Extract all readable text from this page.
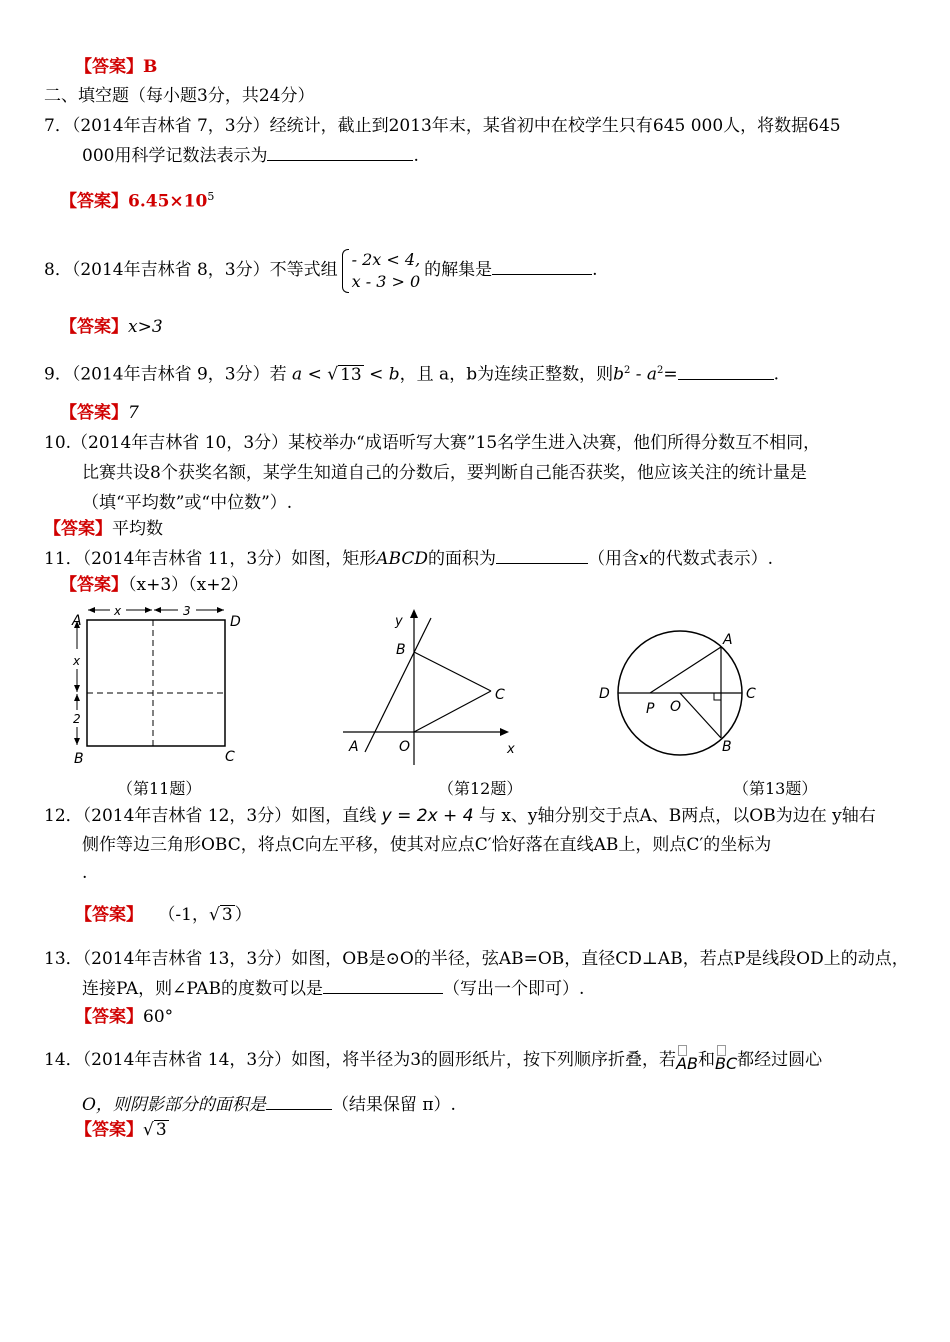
【答案】B
二、填空题（每小题3分，共24分）
7．（2014年吉林省 7，3分）经统计，截止到2013年末，某省初中在校学生只有645 000人，将数据645
000用科学记数法表示为	.
【答案】$6.45\times 10^5$
8．（2014年吉林省 8，3分）不等式组
- 2x < 4,
x - 3 > 0
的解集是	.
【答案】x>3
9．（2014年吉林省 9，3分）若 a < √ 13 < b，且 a，b为连续正整数，则$b^2 - a^2=$	.
【答案】7
10.（2014年吉林省 10，3分）某校举办“成语听写大赛”15名学生进入决赛，他们所得分数互不相同，
比赛共设8个获奖名额，某学生知道自己的分数后，要判断自己能否获奖，他应该关注的统计量是
（填“平均数”或“中位数”）.
【答案】平均数
11．（2014年吉林省 11，3分）如图，矩形ABCD的面积为	（用含x的代数式表示）.
【答案】（x+3）（x+2）
A	D
B	C
x	3
x
2
（第11题）
y
x
B
C
A	O
（第12题）
A
B
C
D
P O
（第13题）
12．（2014年吉林省 12，3分）如图，直线 y = 2x + 4 与 x、y轴分别交于点A、B两点，以OB为边在 y轴右
侧作等边三角形OBC，将点C向左平移，使其对应点C′恰好落在直线AB上，则点C′的坐标为
.
【答案】 （-1，√ 3 ）
13．（2014年吉林省 13，3分）如图，OB是⊙O的半径，弦AB=OB，直径CD⊥AB，若点P是线段OD上的动点，
连接PA，则∠PAB的度数可以是	（写出一个即可）.
【答案】60°
14．（2014年吉林省 14，3分）如图，将半径为3的圆形纸片，按下列顺序折叠，若AB和BC都经过圆心
O，则阴影部分的面积是	（结果保留 π）.
【答案】√ 3
